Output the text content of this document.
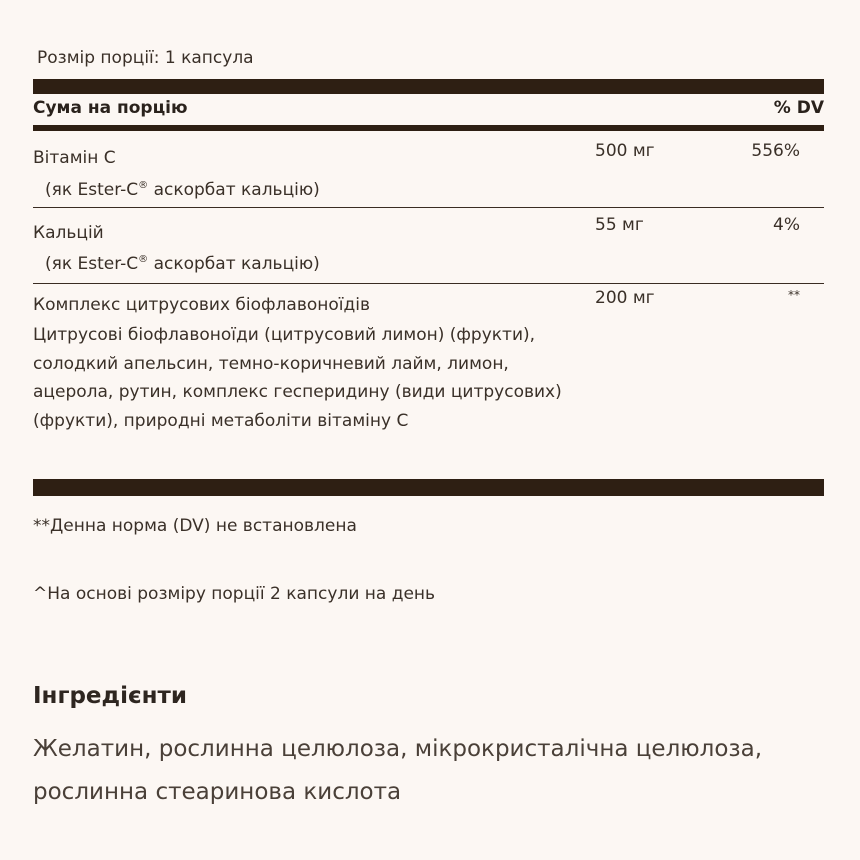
Розмір порції: 1 капсула
Сума на порцію	% DV
Вітамін С
(як Ester-C® аскорбат кальцію)
500 мг	556%
Кальцій
(як Ester-C® аскорбат кальцію)
55 мг	4%
Комплекс цитрусових біофлавоноїдів
Цитрусові біофлавоноїди (цитрусовий лимон) (фрукти), солодкий апельсин, темно-коричневий лайм, лимон, ацерола, рутин, комплекс гесперидину (види цитрусових) (фрукти), природні метаболіти вітаміну С
200 мг	**
**Денна норма (DV) не встановлена
^На основі розміру порції 2 капсули на день
Інгредієнти
Желатин, рослинна целюлоза, мікрокристалічна целюлоза, рослинна стеаринова кислота
